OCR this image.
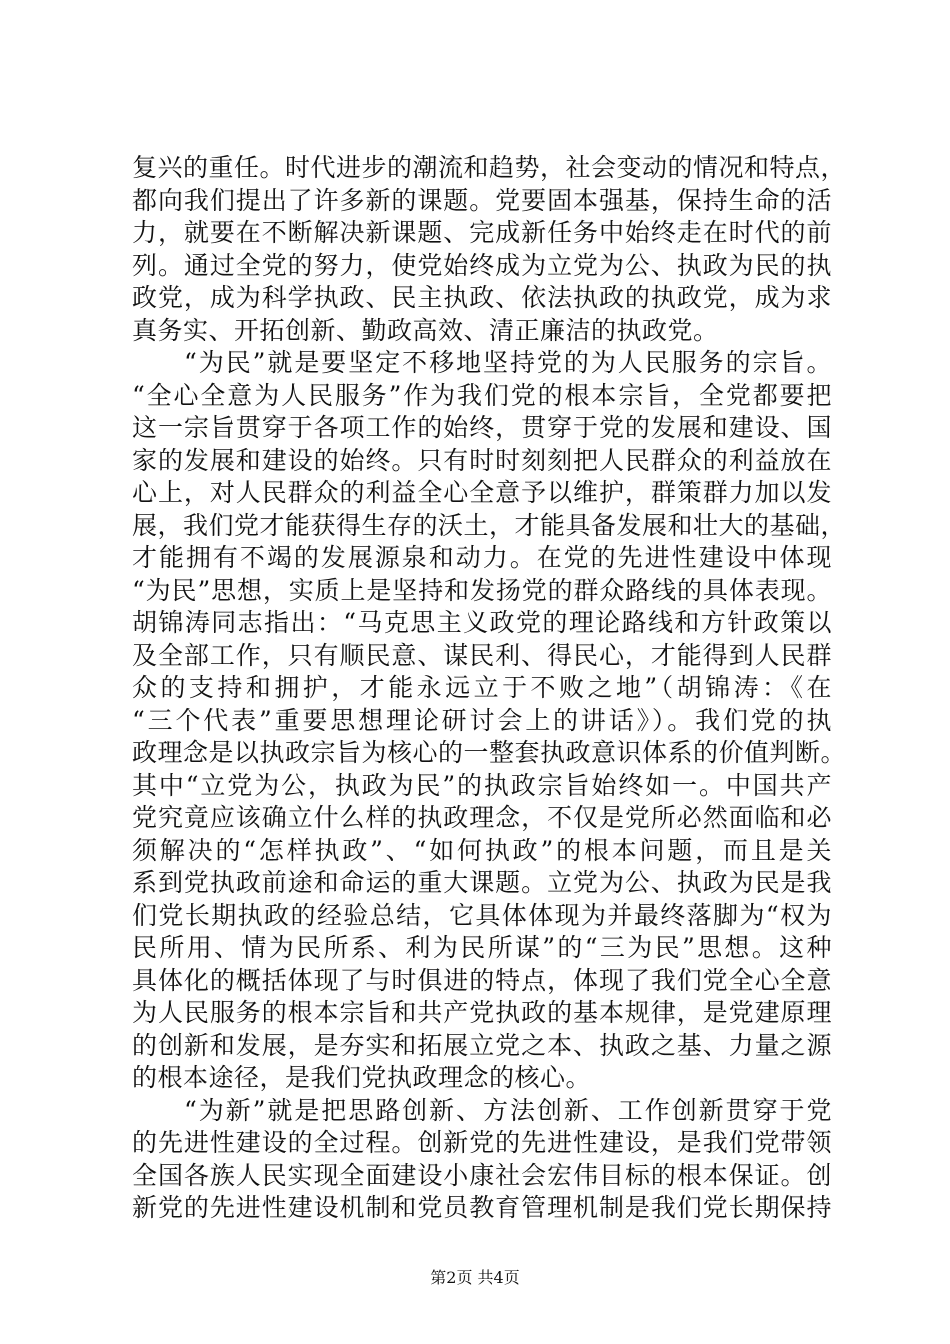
复兴的重任。时代进步的潮流和趋势，社会变动的情况和特点，
都向我们提出了许多新的课题。党要固本强基，保持生命的活
力，就要在不断解决新课题、完成新任务中始终走在时代的前
列。通过全党的努力，使党始终成为立党为公、执政为民的执
政党，成为科学执政、民主执政、依法执政的执政党，成为求
真务实、开拓创新、勤政高效、清正廉洁的执政党。
“为民”就是要坚定不移地坚持党的为人民服务的宗旨。
“全心全意为人民服务”作为我们党的根本宗旨，全党都要把
这一宗旨贯穿于各项工作的始终，贯穿于党的发展和建设、国
家的发展和建设的始终。只有时时刻刻把人民群众的利益放在
心上，对人民群众的利益全心全意予以维护，群策群力加以发
展，我们党才能获得生存的沃土，才能具备发展和壮大的基础，
才能拥有不竭的发展源泉和动力。在党的先进性建设中体现
“为民”思想，实质上是坚持和发扬党的群众路线的具体表现。
胡锦涛同志指出：“马克思主义政党的理论路线和方针政策以
及全部工作，只有顺民意、谋民利、得民心，才能得到人民群
众的支持和拥护，才能永远立于不败之地”（胡锦涛：《在
“三个代表”重要思想理论研讨会上的讲话》）。我们党的执
政理念是以执政宗旨为核心的一整套执政意识体系的价值判断。
其中“立党为公，执政为民”的执政宗旨始终如一。中国共产
党究竟应该确立什么样的执政理念，不仅是党所必然面临和必
须解决的“怎样执政”、“如何执政”的根本问题，而且是关
系到党执政前途和命运的重大课题。立党为公、执政为民是我
们党长期执政的经验总结，它具体体现为并最终落脚为“权为
民所用、情为民所系、利为民所谋”的“三为民”思想。这种
具体化的概括体现了与时俱进的特点，体现了我们党全心全意
为人民服务的根本宗旨和共产党执政的基本规律，是党建原理
的创新和发展，是夯实和拓展立党之本、执政之基、力量之源
的根本途径，是我们党执政理念的核心。
“为新”就是把思路创新、方法创新、工作创新贯穿于党
的先进性建设的全过程。创新党的先进性建设，是我们党带领
全国各族人民实现全面建设小康社会宏伟目标的根本保证。创
新党的先进性建设机制和党员教育管理机制是我们党长期保持
第2页 共4页
